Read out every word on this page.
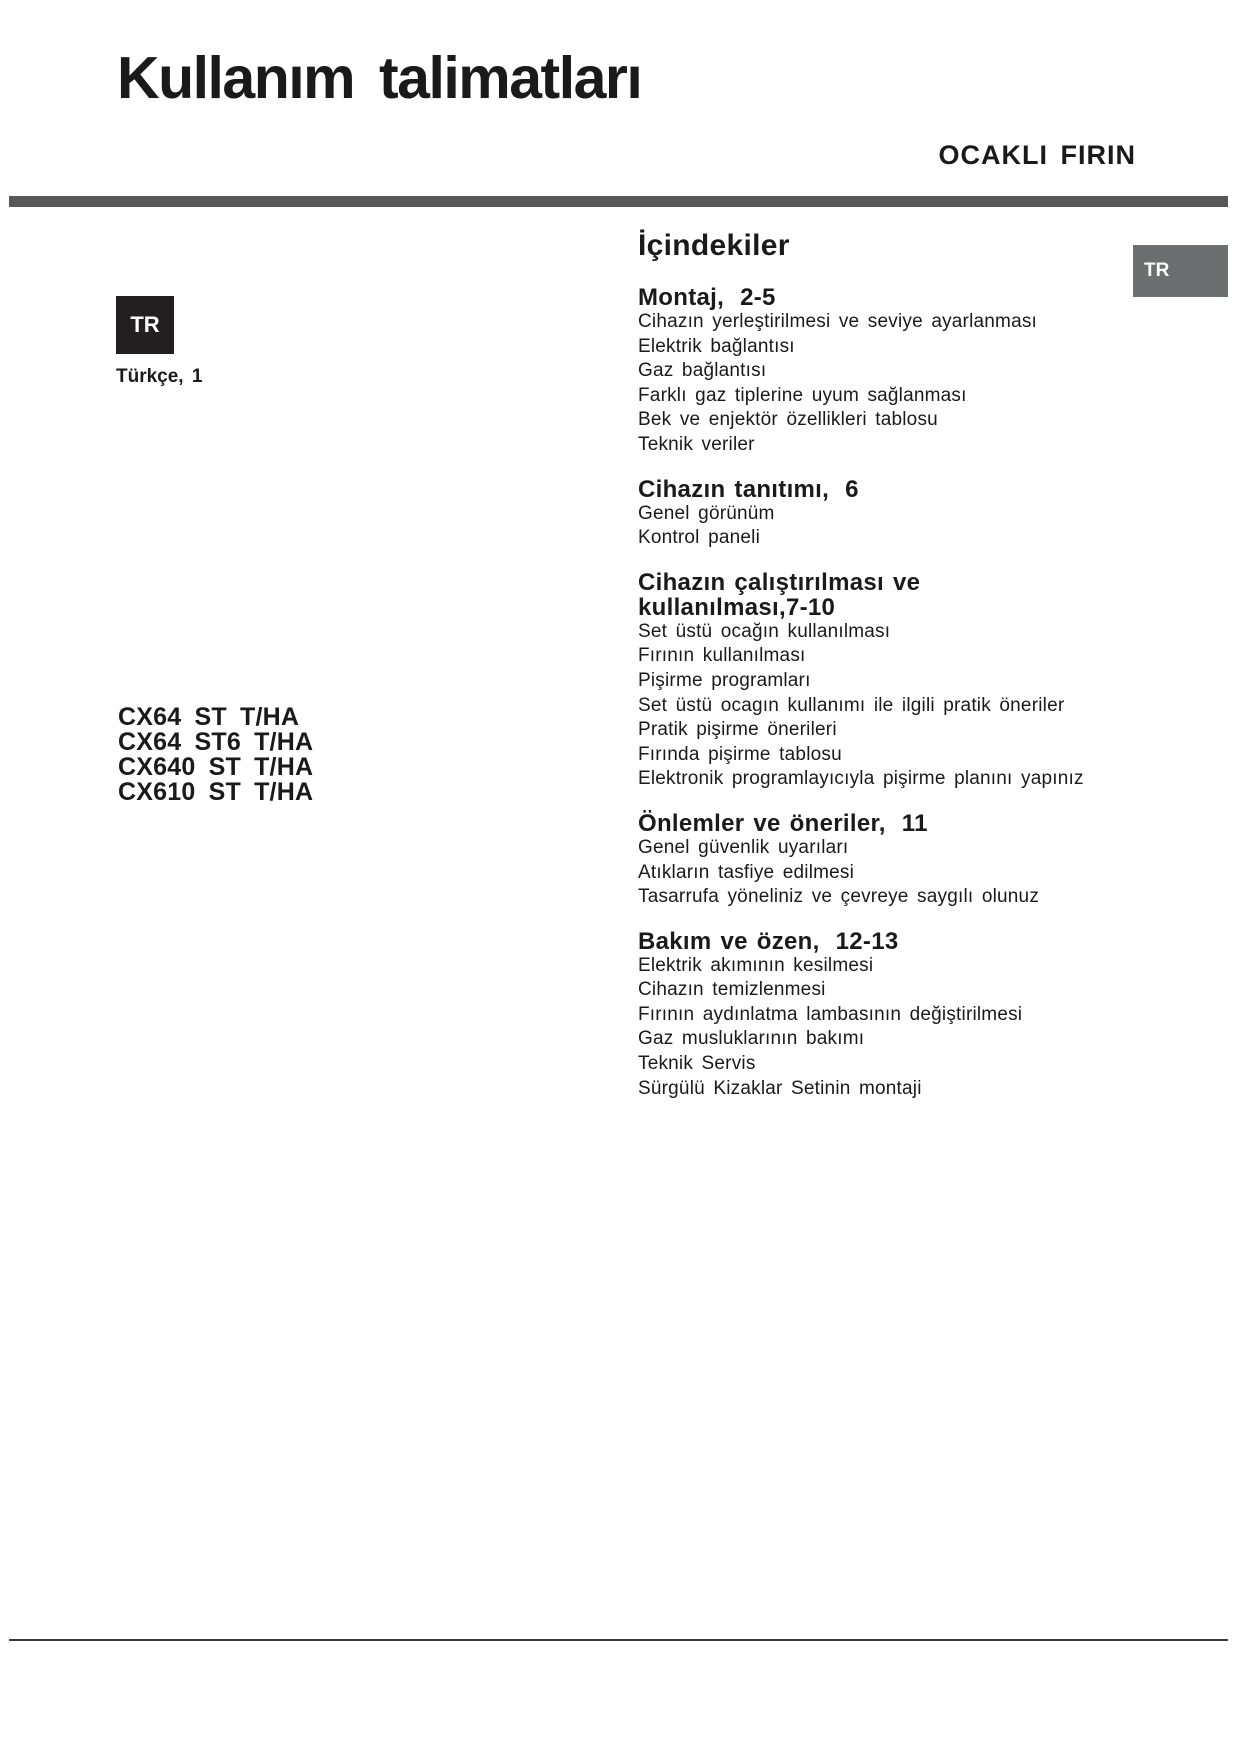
Kullanım talimatları
OCAKLI FIRIN
TR
TR
Türkçe, 1
CX64 ST T/HA
CX64 ST6 T/HA
CX640 ST T/HA
CX610 ST T/HA
İçindekiler
Montaj, 2-5
Cihazın yerleştirilmesi ve seviye ayarlanması
Elektrik bağlantısı
Gaz bağlantısı
Farklı gaz tiplerine uyum sağlanması
Bek ve enjektör özellikleri tablosu
Teknik veriler
Cihazın tanıtımı, 6
Genel görünüm
Kontrol paneli
Cihazın çalıştırılması ve
kullanılması,7-10
Set üstü ocağın kullanılması
Fırının kullanılması
Pişirme programları
Set üstü ocagın kullanımı ile ilgili pratik öneriler
Pratik pişirme önerileri
Fırında pişirme tablosu
Elektronik programlayıcıyla pişirme planını yapınız
Önlemler ve öneriler, 11
Genel güvenlik uyarıları
Atıkların tasfiye edilmesi
Tasarrufa yöneliniz ve çevreye saygılı olunuz
Bakım ve özen, 12-13
Elektrik akımının kesilmesi
Cihazın temizlenmesi
Fırının aydınlatma lambasının değiştirilmesi
Gaz musluklarının bakımı
Teknik Servis
Sürgülü Kizaklar Setinin montaji
